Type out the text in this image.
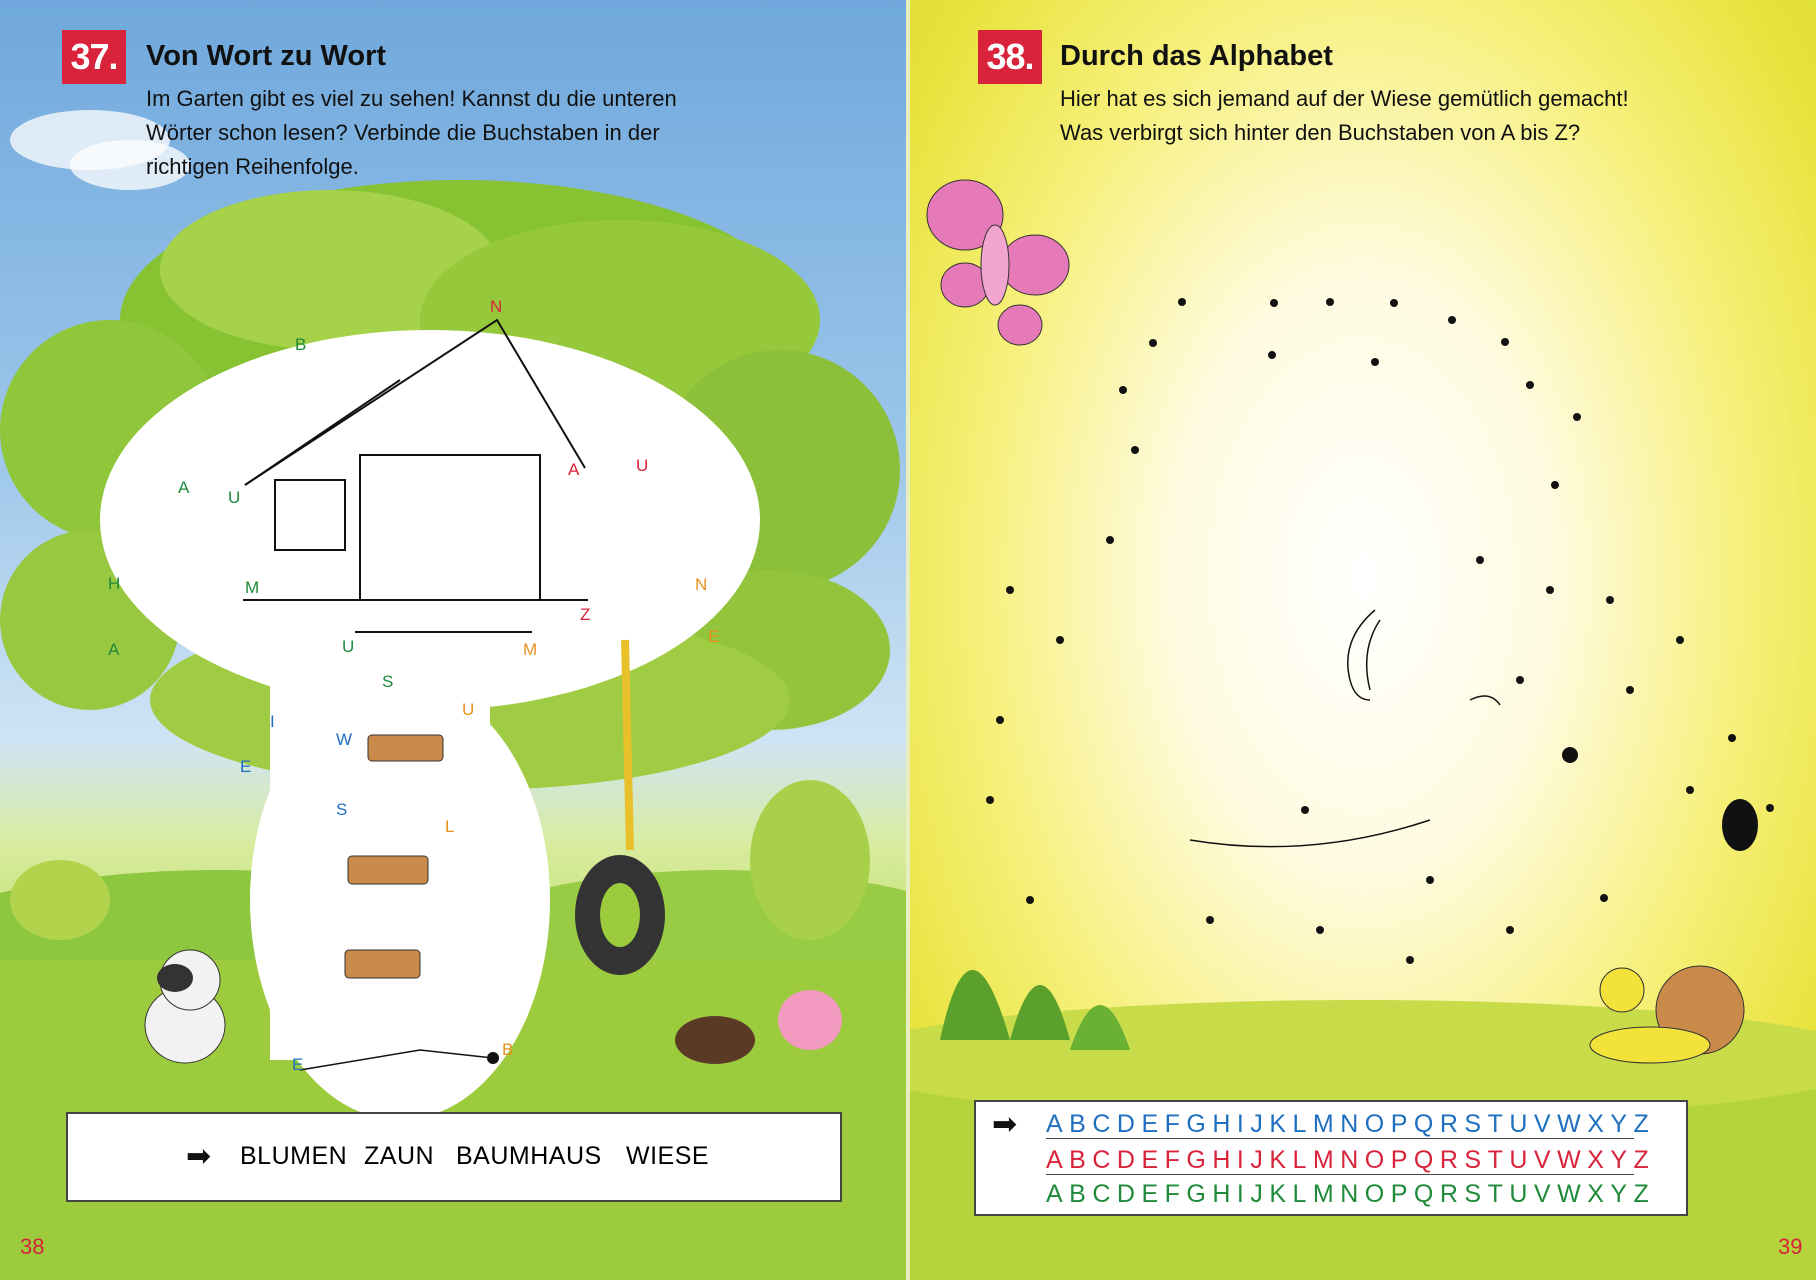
N
B
A
U
A	U
H
A
M
Z
N
E
U	M
S
U
I
E
W
S
L
E
B
37. Von Wort zu Wort
Im Garten gibt es viel zu sehen! Kannst du die unteren
Wörter schon lesen? Verbinde die Buchstaben in der
richtigen Reihenfolge.
➡ BLUMEN ZAUN BAUMHAUS WIESE
38
38. Durch das Alphabet
Hier hat es sich jemand auf der Wiese gemütlich gemacht!
Was verbirgt sich hinter den Buchstaben von A bis Z?
➡ ABCDEFGHIJKLMNOPQRSTUVWXYZ
ABCDEFGHIJKLMNOPQRSTUVWXYZ
ABCDEFGHIJKLMNOPQRSTUVWXYZ
39
